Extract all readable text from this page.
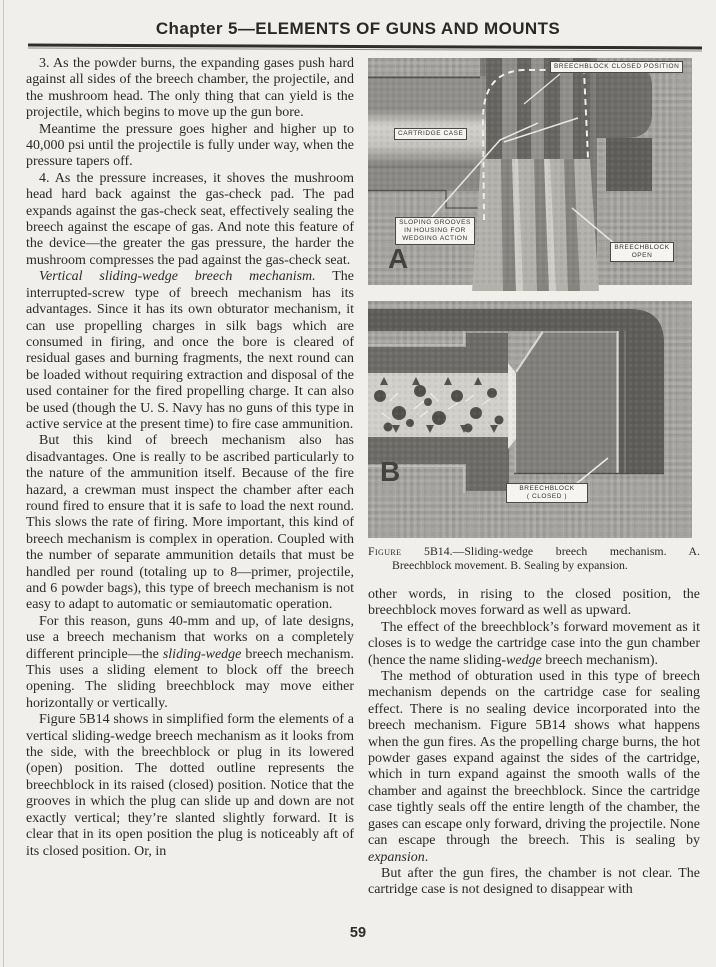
Chapter 5—ELEMENTS OF GUNS AND MOUNTS

3. As the powder burns, the expanding gases push hard against all sides of the breech chamber, the projectile, and the mushroom head. The only thing that can yield is the projectile, which begins to move up the gun bore.

Meantime the pressure goes higher and higher up to 40,000 psi until the projectile is fully under way, when the pressure tapers off.

4. As the pressure increases, it shoves the mushroom head hard back against the gas-check pad. The pad expands against the gas-check seat, effectively sealing the breech against the escape of gas. And note this feature of the device—the greater the gas pressure, the harder the mushroom compresses the pad against the gas-check seat.

Vertical sliding-wedge breech mechanism. The interrupted-screw type of breech mechanism has its advantages. Since it has its own obturator mechanism, it can use propelling charges in silk bags which are consumed in firing, and once the bore is cleared of residual gases and burning fragments, the next round can be loaded without requiring extraction and disposal of the used container for the fired propelling charge. It can also be used (though the U. S. Navy has no guns of this type in active service at the present time) to fire case ammunition.

But this kind of breech mechanism also has disadvantages. One is really to be ascribed particularly to the nature of the ammunition itself. Because of the fire hazard, a crewman must inspect the chamber after each round fired to ensure that it is safe to load the next round. This slows the rate of firing. More important, this kind of breech mechanism is complex in operation. Coupled with the number of separate ammunition details that must be handled per round (totaling up to 8—primer, projectile, and 6 powder bags), this type of breech mechanism is not easy to adapt to automatic or semiautomatic operation.

For this reason, guns 40-mm and up, of late designs, use a breech mechanism that works on a completely different principle—the sliding-wedge breech mechanism. This uses a sliding element to block off the breech opening. The sliding breechblock may move either horizontally or vertically.

Figure 5B14 shows in simplified form the elements of a vertical sliding-wedge breech mechanism as it looks from the side, with the breechblock or plug in its lowered (open) position. The dotted outline represents the breechblock in its raised (closed) position. Notice that the grooves in which the plug can slide up and down are not exactly vertical; they’re slanted slightly forward. It is clear that in its open position the plug is noticeably aft of its closed position. Or, in

BREECHBLOCK CLOSED POSITION
CARTRIDGE CASE
SLOPING GROOVES
IN HOUSING FOR
WEDGING ACTION
BREECHBLOCK
OPEN
A
BREECHBLOCK
( CLOSED )
B
Figure 5B14.—Sliding-wedge breech mechanism. A.
Breechblock movement. B. Sealing by expansion.

other words, in rising to the closed position, the breechblock moves forward as well as upward.

The effect of the breechblock’s forward movement as it closes is to wedge the cartridge case into the gun chamber (hence the name sliding-wedge breech mechanism).

The method of obturation used in this type of breech mechanism depends on the cartridge case for sealing effect. There is no sealing device incorporated into the breech mechanism. Figure 5B14 shows what happens when the gun fires. As the propelling charge burns, the hot powder gases expand against the sides of the cartridge, which in turn expand against the smooth walls of the chamber and against the breechblock. Since the cartridge case tightly seals off the entire length of the chamber, the gases can escape only forward, driving the projectile. None can escape through the breech. This is sealing by expansion.

But after the gun fires, the chamber is not clear. The cartridge case is not designed to disappear with

59
